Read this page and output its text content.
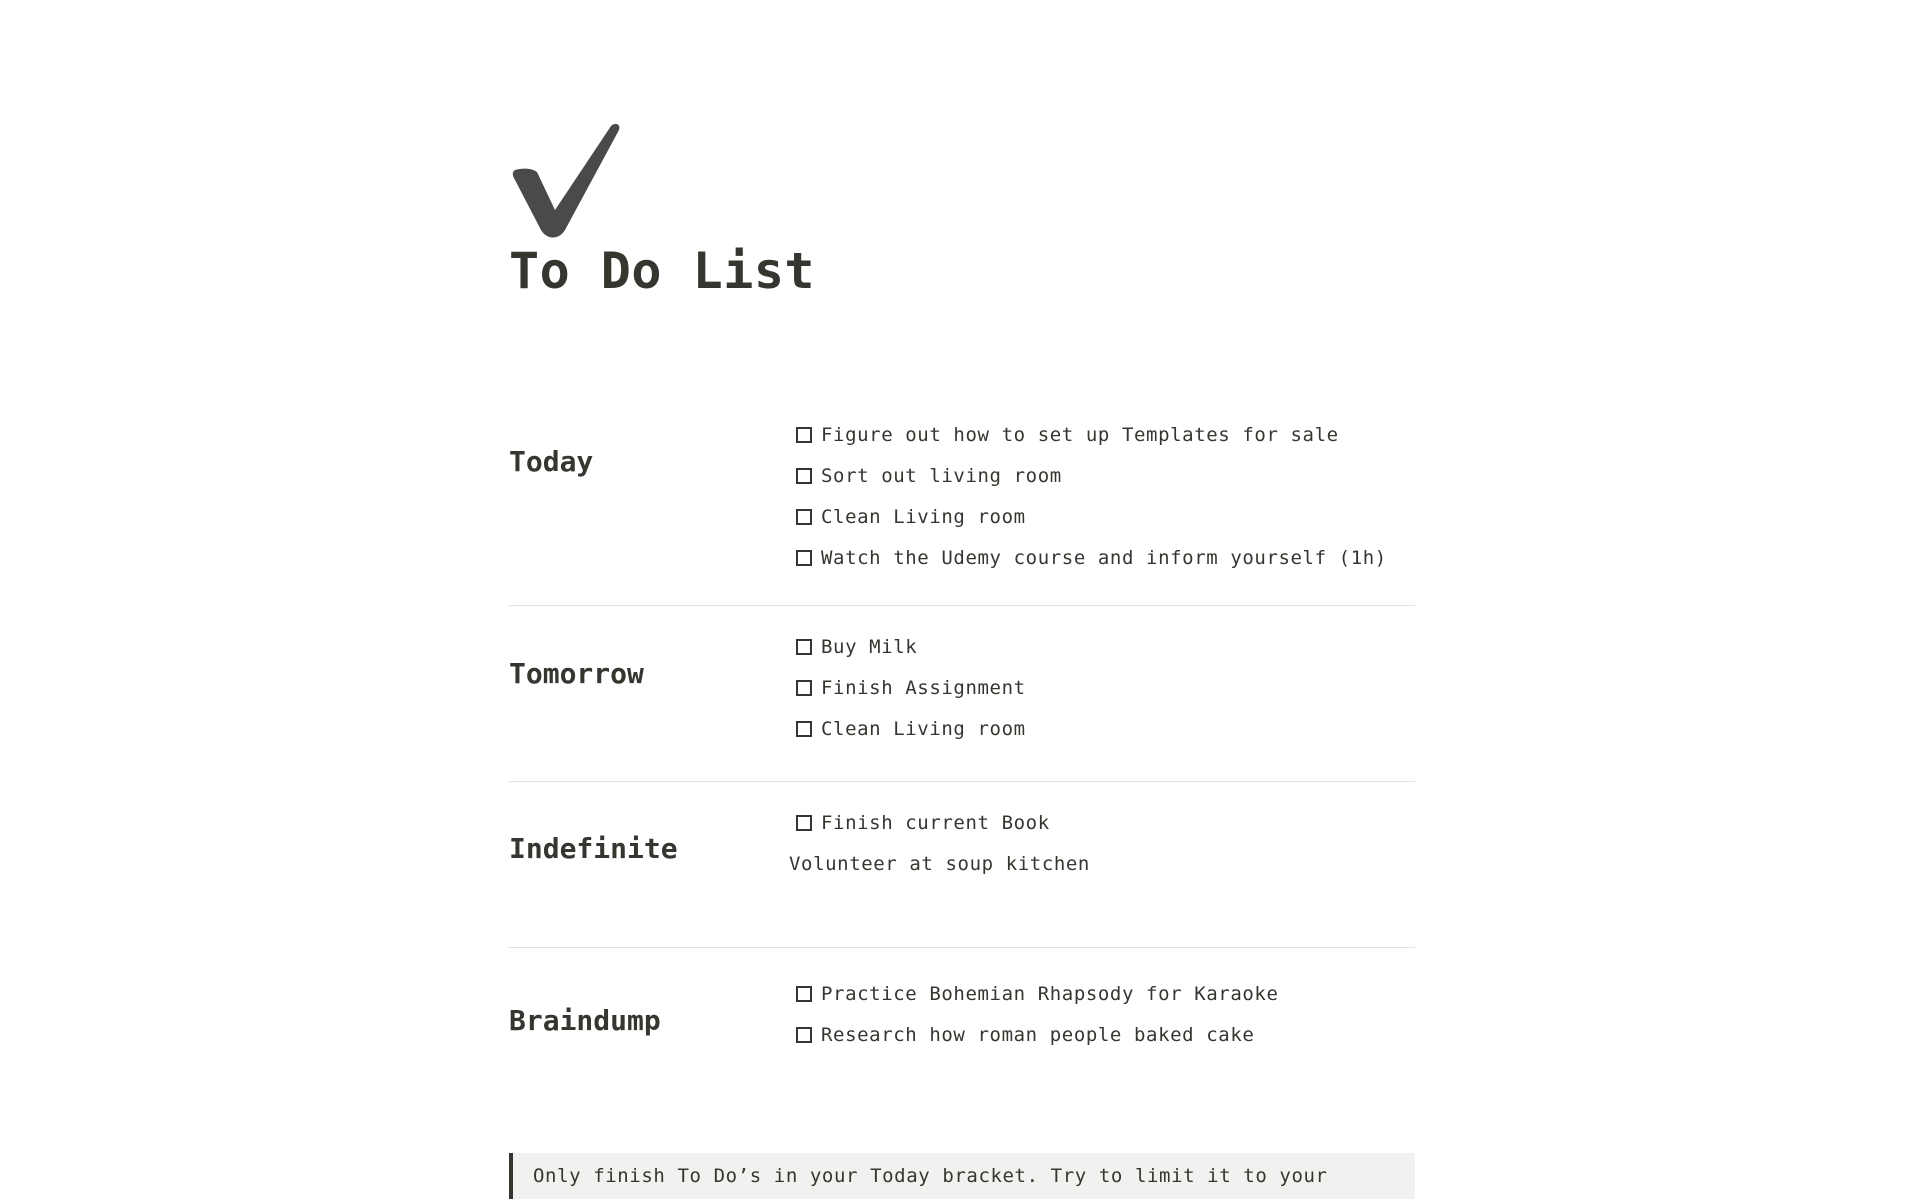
To Do List
Today
Figure out how to set up Templates for sale
Sort out living room
Clean Living room
Watch the Udemy course and inform yourself (1h)
Tomorrow
Buy Milk
Finish Assignment
Clean Living room
Indefinite
Finish current Book
Volunteer at soup kitchen
Braindump
Practice Bohemian Rhapsody for Karaoke
Research how roman people baked cake
Only finish To Do’s in your Today bracket. Try to limit it to your
